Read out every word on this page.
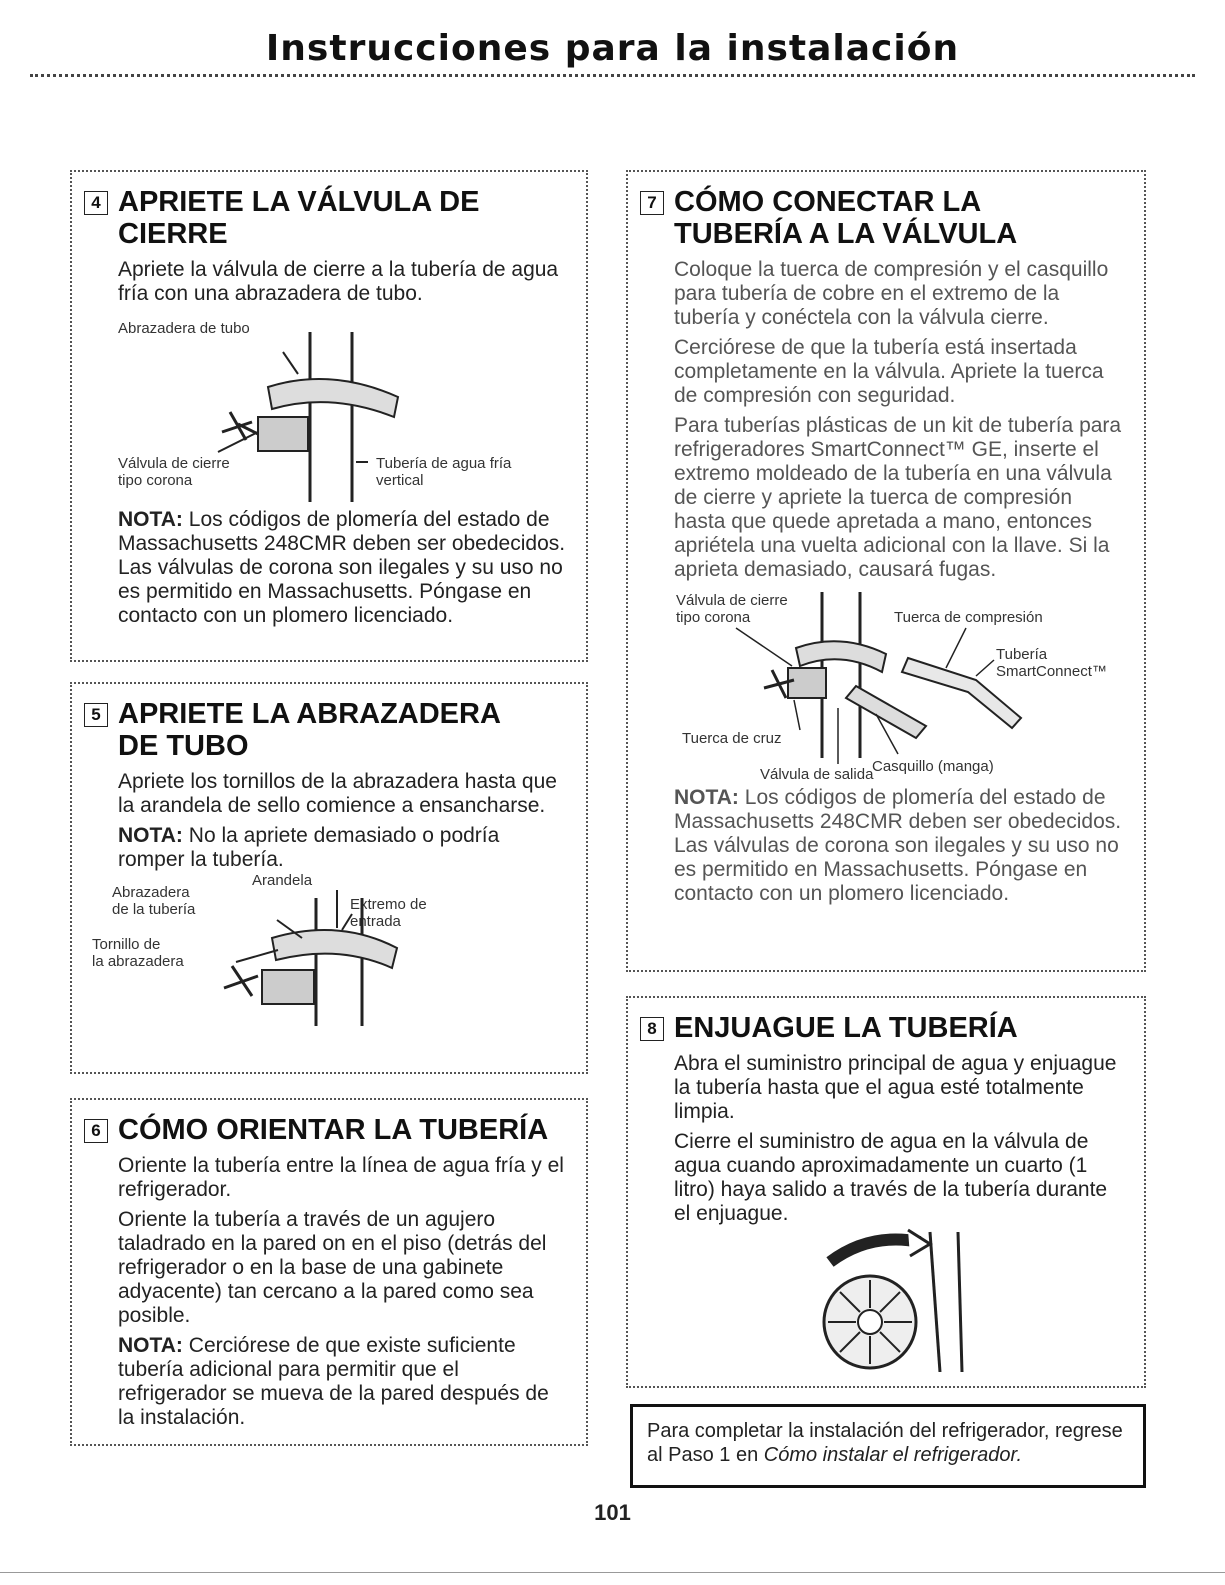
Instrucciones para la instalación
4 APRIETE LA VÁLVULA DE CIERRE

Apriete la válvula de cierre a la tubería de agua fría con una abrazadera de tubo.

Abrazadera de tubo
Válvula de cierre
tipo corona
Tubería de agua fría
vertical

NOTA: Los códigos de plomería del estado de Massachusetts 248CMR deben ser obedecidos. Las válvulas de corona son ilegales y su uso no es permitido en Massachusetts. Póngase en contacto con un plomero licenciado.

5 APRIETE LA ABRAZADERA DE TUBO

Apriete los tornillos de la abrazadera hasta que la arandela de sello comience a ensancharse.

NOTA: No la apriete demasiado o podría romper la tubería.

Arandela
Abrazadera
de la tubería	Extremo de
entrada
Tornillo de
la abrazadera
6 CÓMO ORIENTAR LA TUBERÍA

Oriente la tubería entre la línea de agua fría y el refrigerador.

Oriente la tubería a través de un agujero taladrado en la pared on en el piso (detrás del refrigerador o en la base de una gabinete adyacente) tan cercano a la pared como sea posible.

NOTA: Cerciórese de que existe suficiente tubería adicional para permitir que el refrigerador se mueva de la pared después de la instalación.

7 CÓMO CONECTAR LA TUBERÍA A LA VÁLVULA

Coloque la tuerca de compresión y el casquillo para tubería de cobre en el extremo de la tubería y conéctela con la válvula cierre.

Cerciórese de que la tubería está insertada completamente en la válvula. Apriete la tuerca de compresión con seguridad.

Para tuberías plásticas de un kit de tubería para refrigeradores SmartConnect™ GE, inserte el extremo moldeado de la tubería en una válvula de cierre y apriete la tuerca de compresión hasta que quede apretada a mano, entonces apriétela una vuelta adicional con la llave. Si la aprieta demasiado, causará fugas.

Válvula de cierre
tipo corona	Tuerca de compresión
Tubería
SmartConnect™
Tuerca de cruz
Válvula de salida
Casquillo (manga)

NOTA: Los códigos de plomería del estado de Massachusetts 248CMR deben ser obedecidos. Las válvulas de corona son ilegales y su uso no es permitido en Massachusetts. Póngase en contacto con un plomero licenciado.

8 ENJUAGUE LA TUBERÍA

Abra el suministro principal de agua y enjuague la tubería hasta que el agua esté totalmente limpia.

Cierre el suministro de agua en la válvula de agua cuando aproximadamente un cuarto (1 litro) haya salido a través de la tubería durante el enjuague.

Para completar la instalación del refrigerador, regrese al Paso 1 en Cómo instalar el refrigerador.
101
